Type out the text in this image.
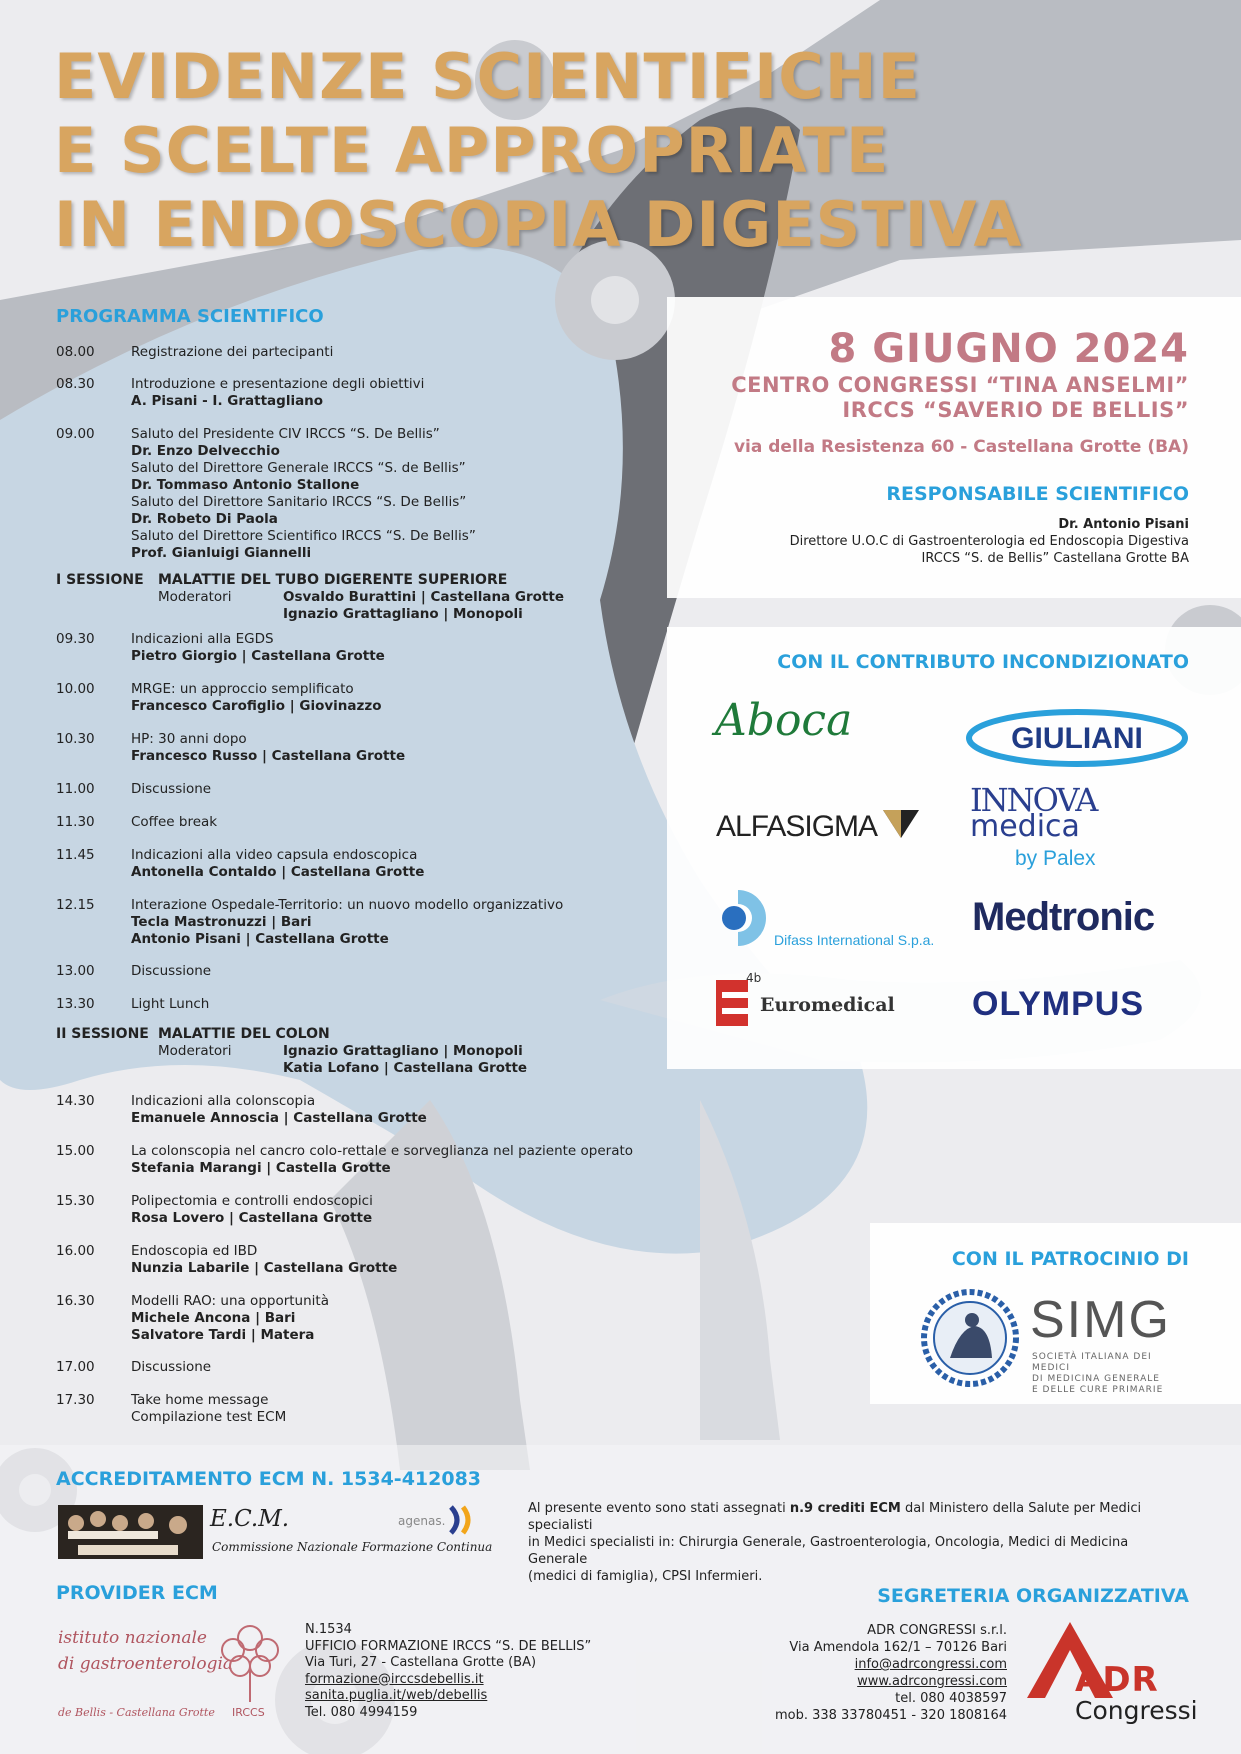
EVIDENZE SCIENTIFICHE
E SCELTE APPROPRIATE
IN ENDOSCOPIA DIGESTIVA
8 GIUGNO 2024
CENTRO CONGRESSI “TINA ANSELMI”
IRCCS “SAVERIO DE BELLIS”
via della Resistenza 60 - Castellana Grotte (BA)
RESPONSABILE SCIENTIFICO
Dr. Antonio Pisani
Direttore U.O.C di Gastroenterologia ed Endoscopia Digestiva
IRCCS “S. de Bellis” Castellana Grotte BA
CON IL CONTRIBUTO INCONDIZIONATO
Aboca	GIULIANI
ALFASIGMA
INNOVA
medica
by Palex
Difass International S.p.a.
Medtronic
4b
Euromedical OLYMPUS
CON IL PATROCINIO DI
SIMG
SOCIETÀ ITALIANA DEI MEDICI
DI MEDICINA GENERALE
E DELLE CURE PRIMARIE
PROGRAMMA SCIENTIFICO
08.00	Registrazione dei partecipanti
08.30	Introduzione e presentazione degli obiettivi
A. Pisani - I. Grattagliano
09.00	Saluto del Presidente CIV IRCCS “S. De Bellis”
Dr. Enzo Delvecchio
Saluto del Direttore Generale IRCCS “S. de Bellis”
Dr. Tommaso Antonio Stallone
Saluto del Direttore Sanitario IRCCS “S. De Bellis”
Dr. Robeto Di Paola
Saluto del Direttore Scientifico IRCCS “S. De Bellis”
Prof. Gianluigi Giannelli
09.30	Indicazioni alla EGDS
Pietro Giorgio | Castellana Grotte
10.00	MRGE: un approccio semplificato
Francesco Carofiglio | Giovinazzo
10.30	HP: 30 anni dopo
Francesco Russo | Castellana Grotte
11.00	Discussione
11.30	Coffee break
11.45	Indicazioni alla video capsula endoscopica
Antonella Contaldo | Castellana Grotte
12.15	Interazione Ospedale-Territorio: un nuovo modello organizzativo
Tecla Mastronuzzi | Bari
Antonio Pisani | Castellana Grotte
13.00	Discussione
13.30	Light Lunch
14.30	Indicazioni alla colonscopia
Emanuele Annoscia | Castellana Grotte
15.00	La colonscopia nel cancro colo-rettale e sorveglianza nel paziente operato
Stefania Marangi | Castella Grotte
15.30	Polipectomia e controlli endoscopici
Rosa Lovero | Castellana Grotte
16.00	Endoscopia ed IBD
Nunzia Labarile | Castellana Grotte
16.30	Modelli RAO: una opportunità
Michele Ancona | Bari
Salvatore Tardi | Matera
17.00	Discussione
17.30	Take home message
Compilazione test ECM
I SESSIONE MALATTIE DEL TUBO DIGERENTE SUPERIORE
Moderatori	Osvaldo Burattini | Castellana Grotte
Ignazio Grattagliano | Monopoli
II SESSIONE MALATTIE DEL COLON
Moderatori	Ignazio Grattagliano | Monopoli
Katia Lofano | Castellana Grotte
ACCREDITAMENTO ECM N. 1534-412083
E.C.M.
Commissione Nazionale Formazione Continua
agenas.
Al presente evento sono stati assegnati n.9 crediti ECM dal Ministero della Salute per Medici specialisti
in Medici specialisti in: Chirurgia Generale, Gastroenterologia, Oncologia, Medici di Medicina Generale
(medici di famiglia), CPSI Infermieri.
PROVIDER ECM
istituto nazionale
di gastroenterologia
de Bellis - Castellana Grotte IRCCS
N.1534
UFFICIO FORMAZIONE IRCCS “S. DE BELLIS”
Via Turi, 27 - Castellana Grotte (BA)
formazione@irccsdebellis.it
sanita.puglia.it/web/debellis
Tel. 080 4994159
SEGRETERIA ORGANIZZATIVA
ADR CONGRESSI s.r.l.
Via Amendola 162/1 – 70126 Bari
info@adrcongressi.com
www.adrcongressi.com
tel. 080 4038597
mob. 338 33780451 - 320 1808164
ADR
Congressi
